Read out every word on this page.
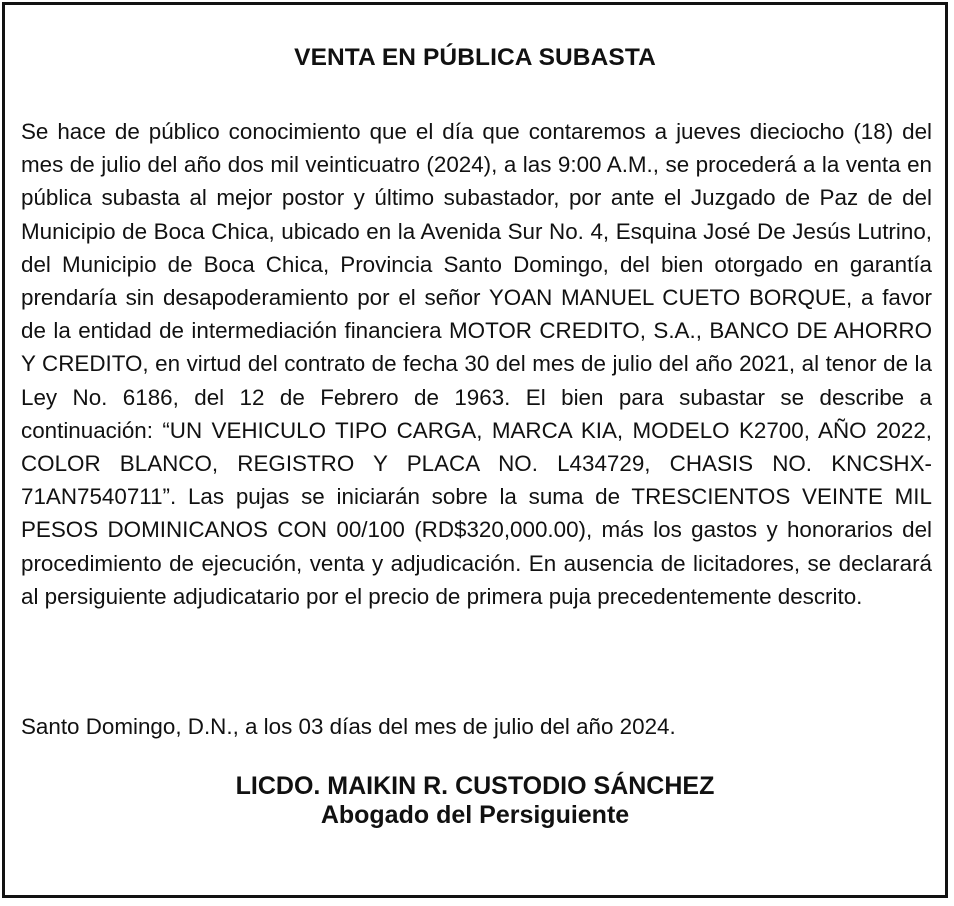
VENTA EN PÚBLICA SUBASTA

Se hace de público conocimiento que el día que contaremos a jueves dieciocho (18) del mes de julio del año dos mil veinticuatro (2024), a las 9:00 A.M., se procederá a la venta en pública subasta al mejor postor y último subastador, por ante el Juzgado de Paz de del Municipio de Boca Chica, ubicado en la Avenida Sur No. 4, Esquina José De Jesús Lutrino, del Municipio de Boca Chica, Provincia Santo Domingo, del bien otorgado en garantía prendaría sin desapoderamiento por el señor YOAN MANUEL CUETO BORQUE, a favor de la entidad de intermediación financiera MOTOR CREDITO, S.A., BANCO DE AHORRO Y CREDITO, en virtud del contrato de fecha 30 del mes de julio del año 2021, al tenor de la Ley No. 6186, del 12 de Febrero de 1963. El bien para subastar se describe a continuación: “UN VEHICULO TIPO CARGA, MARCA KIA, MODELO K2700, AÑO 2022, COLOR BLANCO, REGISTRO Y PLACA NO. L434729, CHASIS NO. KNCSHX-71AN7540711”. Las pujas se iniciarán sobre la suma de TRESCIENTOS VEINTE MIL PESOS DOMINICANOS CON 00/100 (RD$320,000.00), más los gastos y honorarios del procedimiento de ejecución, venta y adjudicación. En ausencia de licitadores, se declarará al persiguiente adjudicatario por el precio de primera puja precedentemente descrito.

Santo Domingo, D.N., a los 03 días del mes de julio del año 2024.

LICDO. MAIKIN R. CUSTODIO SÁNCHEZ
Abogado del Persiguiente
